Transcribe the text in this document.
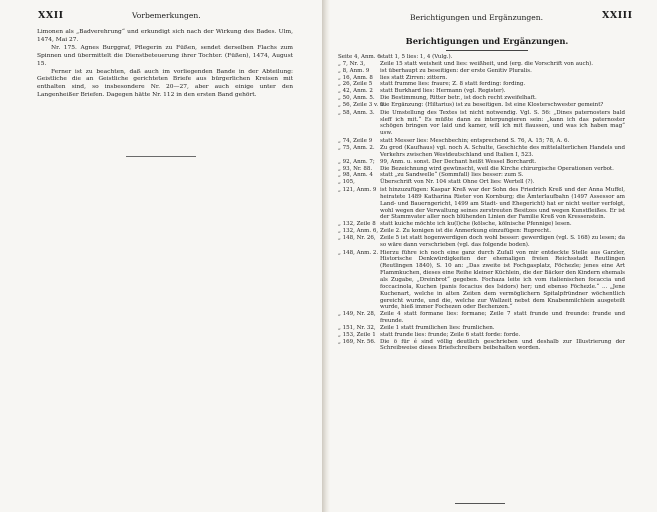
XXII	Vorbemerkungen.

Limonen als „Badverehrung“ und erkundigt sich nach der Wirkung des Bades. Ulm, 1474, Mai 27.

Nr. 175. Agnes Burggraf, Pflegerin zu Füßen, sendet derselben Flachs zum Spinnen und übermittelt die Dienstbeteuerung ihrer Tochter. (Füßen), 1474, August 15.

Ferner ist zu beachten, daß auch im vorliegenden Bande in der Abteilung: Geistliche die an Geistliche gerichteten Briefe aus bürgerlichen Kreisen mit enthalten sind, so insbesondere Nr. 20—27, aber auch einige unter den Langenheißer Briefen. Dagegen hätte Nr. 112 in den ersten Band gehört.

Berichtigungen und Ergänzungen.	XXIII
Berichtigungen und Ergänzungen.
Seite 4, Anm. 6 statt 1, 5 lies: 1, 4 (Vulg.).

„ 7, Nr. 3,	Zeile 15 statt weisheit und lies: weißheit, und (erg. die Vorschrift von auch).

„ 8, Anm. 9	ist überhaupt zu beseitigen: der erste Genitiv Pluralis.

„ 16, Anm. 8	lies statt Zirren: zittern.

„ 26, Zeile 5	statt frumme lies: fraure; Z. 8 statt ferding: fording.

„ 42, Anm. 2	statt Burkhard lies: Hermann (vgl. Register).

„ 50, Anm. 5. Die Bestimmung, Ritter betr., ist doch recht zweifelhaft.

„ 56, Zeile 3 v. u.

Die Ergänzung: (Hiltarius) ist zu beseitigen. Ist eine Klosterschwester gemeint?

„ 58, Anm. 3. Die Umstellung des Textes ist nicht notwendig. Vgl. S. 56: „Dines paternosters bald sleff ich mit.“ Es müßte dann zu interpungieren sein: „kann ich das paternoster schögen bringen vor laid und kamer, will ich mit flaussen, und was ich haben mag“ usw.

„ 74, Zeile 9	statt Messer lies: Meschbechin; entsprechend S. 76, A. 15; 78, A. 6.

„ 75, Anm. 2. Zu grod (Kaufhaus) vgl. noch A. Schulte, Geschichte des mittelalterlichen Handels und Verkehrs zwischen Westdeutschland und Italien I, 523.

„ 92, Anm. 7; 99, Anm. u. sonst. Der Dechant heißt Wessel Borchardt.

„ 93, Nr. 88.	Die Bezeichnung wird gewünscht, weil die Kirche chirurgische Operationen verbot.

„ 98, Anm. 4	statt „zu Sandwelle“ (Sommfall) lies besser: zum S.

„ 105,	Überschrift von Nr. 104 statt Ohne Ort lies: Wertell (?).

„ 121, Anm. 9 ist hinzuzufügen: Kaspar Kreß war der Sohn des Friedrich Kreß und der Anna Muffel, heiratete 1489 Katharina Rieter von Kornburg; die Ämterlaufbahn (1497 Assessor am Land- und Bauerngericht, 1499 am Stadt- und Ehegericht) hat er nicht weiter verfolgt, wohl wegen der Verwaltung seines zerstreuten Besitzes und wegen Kunstfleißes. Er ist der Stammvater aller noch blühenden Linien der Familie Kreß von Kressenstein.

„ 132, Zeile 8 statt kuiche möchte ich ku(l)che (kölsche, kölnische Pfennige) lesen.

„ 132, Anm. 6, Zeile 2. Zu konigen ist die Anmerkung einzufügen: Ruprecht.

„ 148, Nr. 26, Zeile 5 ist statt hogenwerdigen doch wohl besser: gewerdigen (vgl. S. 168) zu lesen; da so wäre dann verschrieben (vgl. das folgende boden).

„ 148, Anm. 2. Hierzu führe ich noch eine ganz durch Zufall von mir entdeckte Stelle aus Garzler, Historische Denkwürdigkeiten der ehemaligen freien Reichsstadt Reutlingen (Reutlingen 1840), S. 10 an: „Das zweite ist Fochgasplatz, Föchezle; jenes eine Art Flammkuchen, dieses eine Reihe kleiner Küchlein, die der Bäcker den Kindern ehemals als Zugabe, „Dreinbrot“ gegeben. Fochaza leite ich vom italienischen focaccia und foccacinola, Kuchen (panis focacius des Isidors) her; und ebenso Föchezle.“ ... „Jene Kuchenart, welche in alten Zeiten dem vermöglichern Spitalpfründner wöchentlich gereicht wurde, und die, welche zur Wallzeit nebst dem Knabenmilchlein ausgeteilt wurde, hieß immer Fochezen oder Bechenzen.“

„ 149, Nr. 28, Zeile 4 statt formane lies: formane; Zeile 7 statt frunde und freunde: frunde und freunde.

„ 151, Nr. 32, Zeile 1 statt frumilichen lies: frumlichen.

„ 153, Zeile 1 statt frunde lies: frunde; Zeile 6 statt forde: forde.

„ 169, Nr. 56. Die ö für é sind völlig deutlich geschrieben und deshalb zur Illustrierung der Schreibweise dieses Briefschreibers beibehalten worden.
